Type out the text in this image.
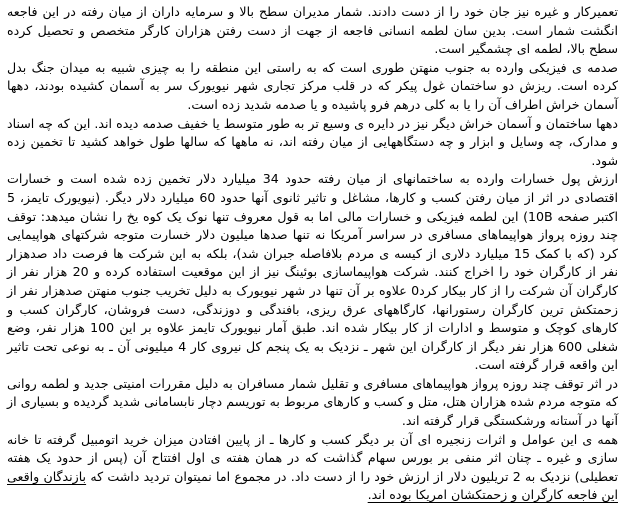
تعمیرکار و غیره نیز جان خود را از دست دادند. شمار مدیران سطح بالا و سرمایه داران از میان رفته در این فاجعه انگشت شمار است. بدین سان لطمه انسانی فاجعه از جهت از دست رفتن هزاران کارگر متخصص و تحصیل کرده سطح بالا، لطمه ای چشمگیر است.

صدمه ی فیزیکی وارده به جنوب منهتن طوری است که به راستی این منطقه را به چیزی شبیه به میدان جنگ بدل کرده است. ریزش دو ساختمان غول پیکر که در قلب مرکز تجاری شهر نیویورک سر به آسمان کشیده بودند، دهها آسمان خراش اطراف آن را یا به کلی درهم فرو پاشیده و یا صدمه شدید زده است.

دهها ساختمان و آسمان خراش دیگر نیز در دایره ی وسیع تر به طور متوسط یا خفیف صدمه دیده اند. این که چه اسناد و مدارک، چه وسایل و ابزار و چه دستگاههایی از میان رفته اند، نه ماهها که سالها طول خواهد کشید تا تخمین زده شود.

ارزش پول خسارات وارده به ساختمانهای از میان رفته حدود 34 میلیارد دلار تخمین زده شده است و خسارات اقتصادی در اثر از میان رفتن کسب و کارها، مشاغل و تاثیر ثانوی آنها حدود 60 میلیارد دلار دیگر. (نیویورک تایمز، 5 اکتبر صفحه 10B) این لطمه فیزیکی و خسارات مالی اما به قول معروف تنها نوک یک کوه یخ را نشان میدهد: توقف چند روزه پرواز هواپیماهای مسافری در سراسر آمریکا نه تنها صدها میلیون دلار خسارت متوجه شرکتهای هواپیمایی کرد (که با کمک 15 میلیارد دلاری از کیسه ی مردم بلافاصله جبران شد)، بلکه به این شرکت ها فرصت داد صدهزار نفر از کارگران خود را اخراج کنند. شرکت هواپیماسازی بوئینگ نیز از این موقعیت استفاده کرده و 20 هزار نفر از کارگران آن شرکت را از کار بیکار کرد0 علاوه بر آن تنها در شهر نیویورک به دلیل تخریب جنوب منهتن صدهزار نفر از زحمتکش ترین کارگران رستورانها، کارگاههای عرق ریزی، بافندگی و دوزندگی، دست فروشان، کارگران کسب و کارهای کوچک و متوسط و ادارات از کار بیکار شده اند. طبق آمار نیویورک تایمز علاوه بر این 100 هزار نفر، وضع شغلی 600 هزار نفر دیگر از کارگران این شهر ـ نزدیک به یک پنجم کل نیروی کار 4 میلیونی آن ـ به نوعی تحت تاثیر این واقعه قرار گرفته است.

در اثر توقف چند روزه پرواز هواپیماهای مسافری و تقلیل شمار مسافران به دلیل مقررات امنیتی جدید و لطمه روانی که متوجه مردم شده هزاران هتل، متل و کسب و کارهای مربوط به توریسم دچار نابسامانی شدید گردیده و بسیاری از آنها در آستانه ورشکستگی قرار گرفته اند.

همه ی این عوامل و اثرات زنجیره ای آن بر دیگر کسب و کارها ـ از پایین افتادن میزان خرید اتومبیل گرفته تا خانه سازی و غیره ـ چنان اثر منفی بر بورس سهام گذاشت که در همان هفته ی اول افتتاح آن (پس از حدود یک هفته تعطیلی) نزدیک به 2 تریلیون دلار از ارزش خود را از دست داد. در مجموع اما نمیتوان تردید داشت که بازندگان واقعی این فاجعه کارگران و زحمتکشان امریکا بوده اند.
